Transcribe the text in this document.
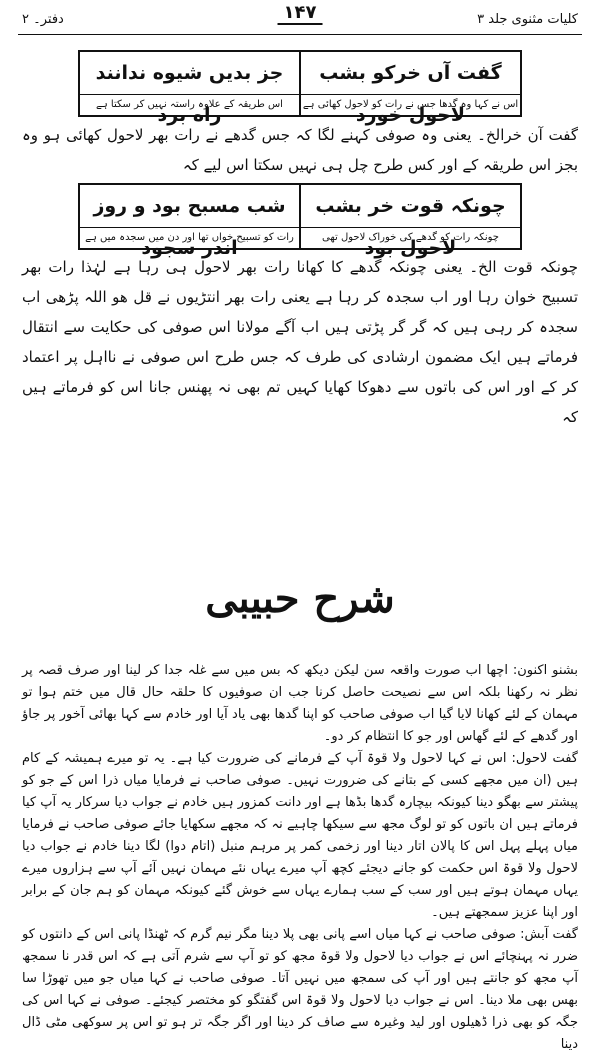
کلیات مثنوی جلد ۳
۱۴۷
دفتر۔ ۲
گفت آں خرکو بشب لاحول خورد
جز بدیں شیوه ندانند راه برد	اس نے کہا وہ گدھا جس نے رات کو لاحول کھائی ہے
اس طریقہ کے علاوہ راستہ نہیں کر سکتا ہے

گفت آن خرالخ۔ یعنی وہ صوفی کہنے لگا کہ جس گدھے نے رات بھر لاحول کھائی ہو وہ بجز اس طریقہ کے اور کس طرح چل ہی نہیں سکتا اس لیے کہ

چونکہ قوت خر بشب لاحول بود
شب مسبح بود و روز اندر سجود	چونکہ رات کو گدھے کی خوراک لاحول تھی
رات کو تسبیح خواں تھا اور دن میں سجدہ میں ہے

چونکہ قوت الخ۔ یعنی چونکہ گدھے کا کھانا رات بھر لاحول ہی رہا ہے لہٰذا رات بھر تسبیح خوان رہا اور اب سجدہ کر رہا ہے یعنی رات بھر انتڑیوں نے قل ھو اللہ پڑھی اب سجدہ کر رہی ہیں کہ گر گر پڑتی ہیں اب آگے مولانا اس صوفی کی حکایت سے انتقال فرماتے ہیں ایک مضمون ارشادی کی طرف کہ جس طرح اس صوفی نے نااہل پر اعتماد کر کے اور اس کی باتوں سے دھوکا کھایا کہیں تم بھی نہ پھنس جانا اس کو فرماتے ہیں کہ

شرح حبیبی

بشنو اکنون: اچھا اب صورت واقعہ سن لیکن دیکھ کہ بس میں سے غلہ جدا کر لینا اور صرف قصہ پر نظر نہ رکھنا بلکہ اس سے نصیحت حاصل کرنا جب ان صوفیوں کا حلقہ حال قال میں ختم ہوا تو مہمان کے لئے کھانا لایا گیا اب صوفی صاحب کو اپنا گدھا بھی یاد آیا اور خادم سے کہا بھائی آخور پر جاؤ اور گدھے کے لئے گھاس اور جو کا انتظام کر دو۔

گفت لاحول: اس نے کہا لاحول ولا قوۃ آپ کے فرمانے کی ضرورت کیا ہے۔ یہ تو میرے ہمیشہ کے کام ہیں (ان میں مجھے کسی کے بتانے کی ضرورت نہیں۔ صوفی صاحب نے فرمایا میاں ذرا اس کے جو کو پیشتر سے بھگو دینا کیونکہ بیچارہ گدھا بڈھا ہے اور دانت کمزور ہیں خادم نے جواب دیا سرکار یہ آپ کیا فرماتے ہیں ان باتوں کو تو لوگ مجھ سے سیکھا چاہیے نہ کہ مجھے سکھایا جائے صوفی صاحب نے فرمایا میاں پہلے پہل اس کا پالان اتار دینا اور زخمی کمر پر مرہم منبل (اتام دوا) لگا دینا خادم نے جواب دیا لاحول ولا قوۃ اس حکمت کو جانے دیجئے کچھ آپ میرے یہاں نئے مہمان نہیں آئے آپ سے ہزاروں میرے یہاں مہمان ہوتے ہیں اور سب کے سب ہمارے یہاں سے خوش گئے کیونکہ مہمان کو ہم جان کے برابر اور اپنا عزیز سمجھتے ہیں۔

گفت آبش: صوفی صاحب نے کہا میاں اسے پانی بھی پلا دینا مگر نیم گرم کہ ٹھنڈا پانی اس کے دانتوں کو ضرر نہ پہنچائے اس نے جواب دیا لاحول ولا قوۃ مجھ کو تو آپ سے شرم آتی ہے کہ اس قدر نا سمجھ آپ مجھ کو جانتے ہیں اور آپ کی سمجھ میں نہیں آتا۔ صوفی صاحب نے کہا میاں جو میں تھوڑا سا بھس بھی ملا دینا۔ اس نے جواب دیا لاحول ولا قوۃ اس گفتگو کو مختصر کیجئے۔ صوفی نے کہا اس کی جگہ کو بھی ذرا ڈھیلوں اور لید وغیرہ سے صاف کر دینا اور اگر جگہ تر ہو تو اس پر سوکھی مٹی ڈال دینا
